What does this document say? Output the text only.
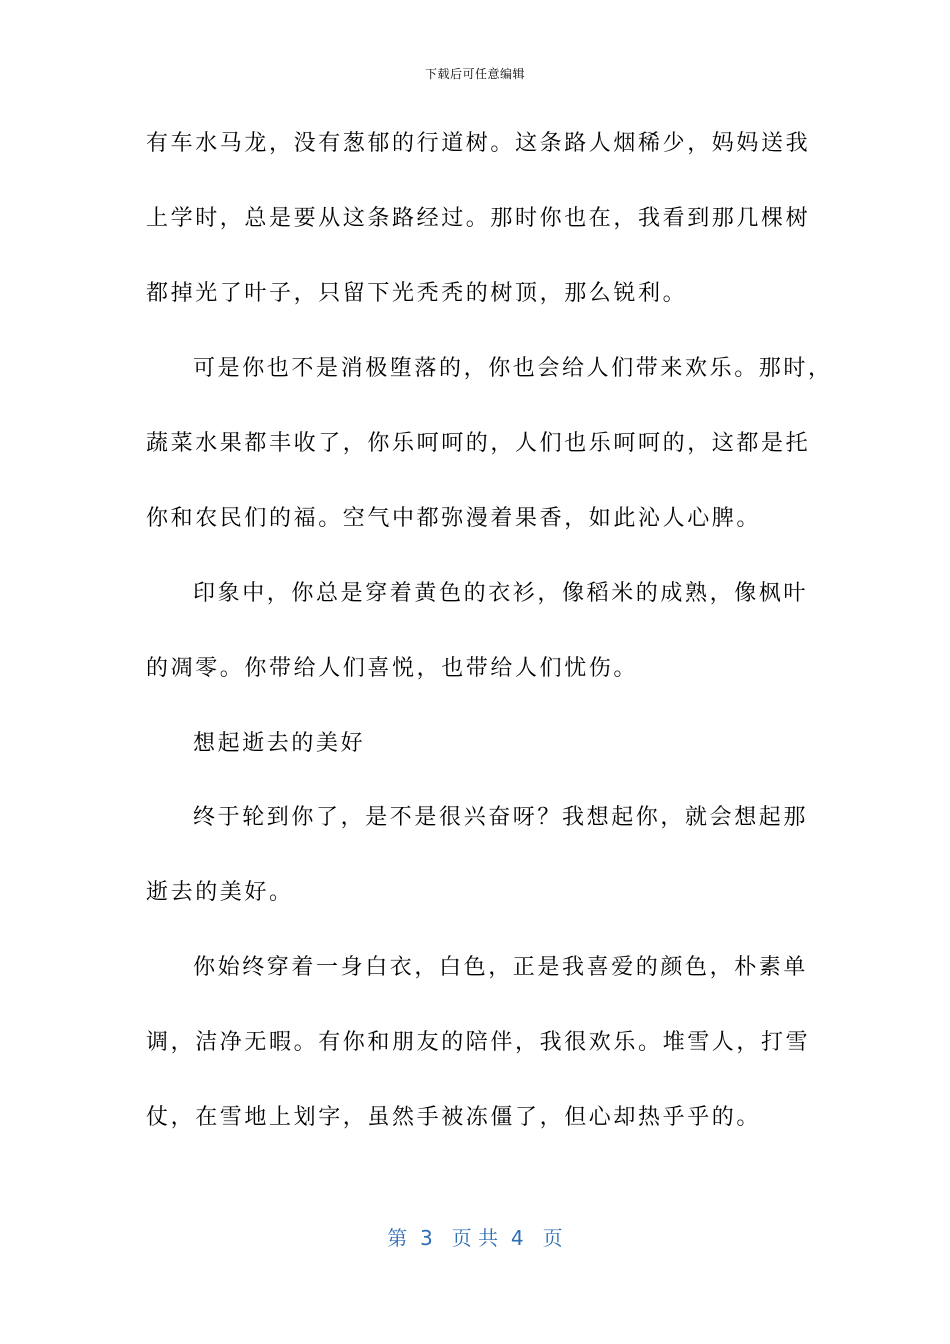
下载后可任意编辑
有车水马龙，没有葱郁的行道树。这条路人烟稀少，妈妈送我
上学时，总是要从这条路经过。那时你也在，我看到那几棵树
都掉光了叶子，只留下光秃秃的树顶，那么锐利。
可是你也不是消极堕落的，你也会给人们带来欢乐。那时，
蔬菜水果都丰收了，你乐呵呵的，人们也乐呵呵的，这都是托
你和农民们的福。空气中都弥漫着果香，如此沁人心脾。
印象中，你总是穿着黄色的衣衫，像稻米的成熟，像枫叶
的凋零。你带给人们喜悦，也带给人们忧伤。
想起逝去的美好
终于轮到你了，是不是很兴奋呀？我想起你，就会想起那
逝去的美好。
你始终穿着一身白衣，白色，正是我喜爱的颜色，朴素单
调，洁净无暇。有你和朋友的陪伴，我很欢乐。堆雪人，打雪
仗，在雪地上划字，虽然手被冻僵了，但心却热乎乎的。
第  3   页 共  4   页
